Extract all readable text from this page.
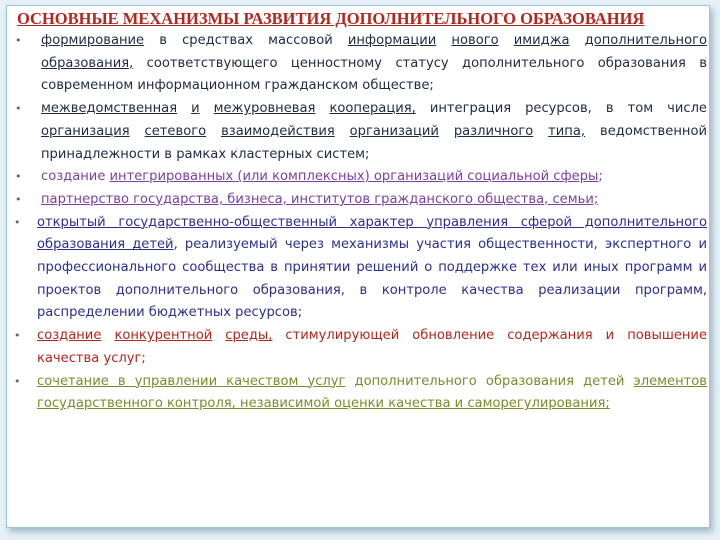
ОСНОВНЫЕ МЕХАНИЗМЫ РАЗВИТИЯ ДОПОЛНИТЕЛЬНОГО ОБРАЗОВАНИЯ
• формирование в средствах массовой информации нового имиджа дополнительного образования, соответствующего ценностному статусу дополнительного образования в современном информационном гражданском обществе;
• межведомственная и межуровневая кооперация, интеграция ресурсов, в том числе организация сетевого взаимодействия организаций различного типа, ведомственной принадлежности в рамках кластерных систем;
• создание интегрированных (или комплексных) организаций социальной сферы;
• партнерство государства, бизнеса, институтов гражданского общества, семьи;
• открытый государственно-общественный характер управления сферой дополнительного образования детей, реализуемый через механизмы участия общественности, экспертного и профессионального сообщества в принятии решений о поддержке тех или иных программ и проектов дополнительного образования, в контроле качества реализации программ, распределении бюджетных ресурсов;
• создание конкурентной среды, стимулирующей обновление содержания и повышение качества услуг;
• сочетание в управлении качеством услуг дополнительного образования детей элементов государственного контроля, независимой оценки качества и саморегулирования;
